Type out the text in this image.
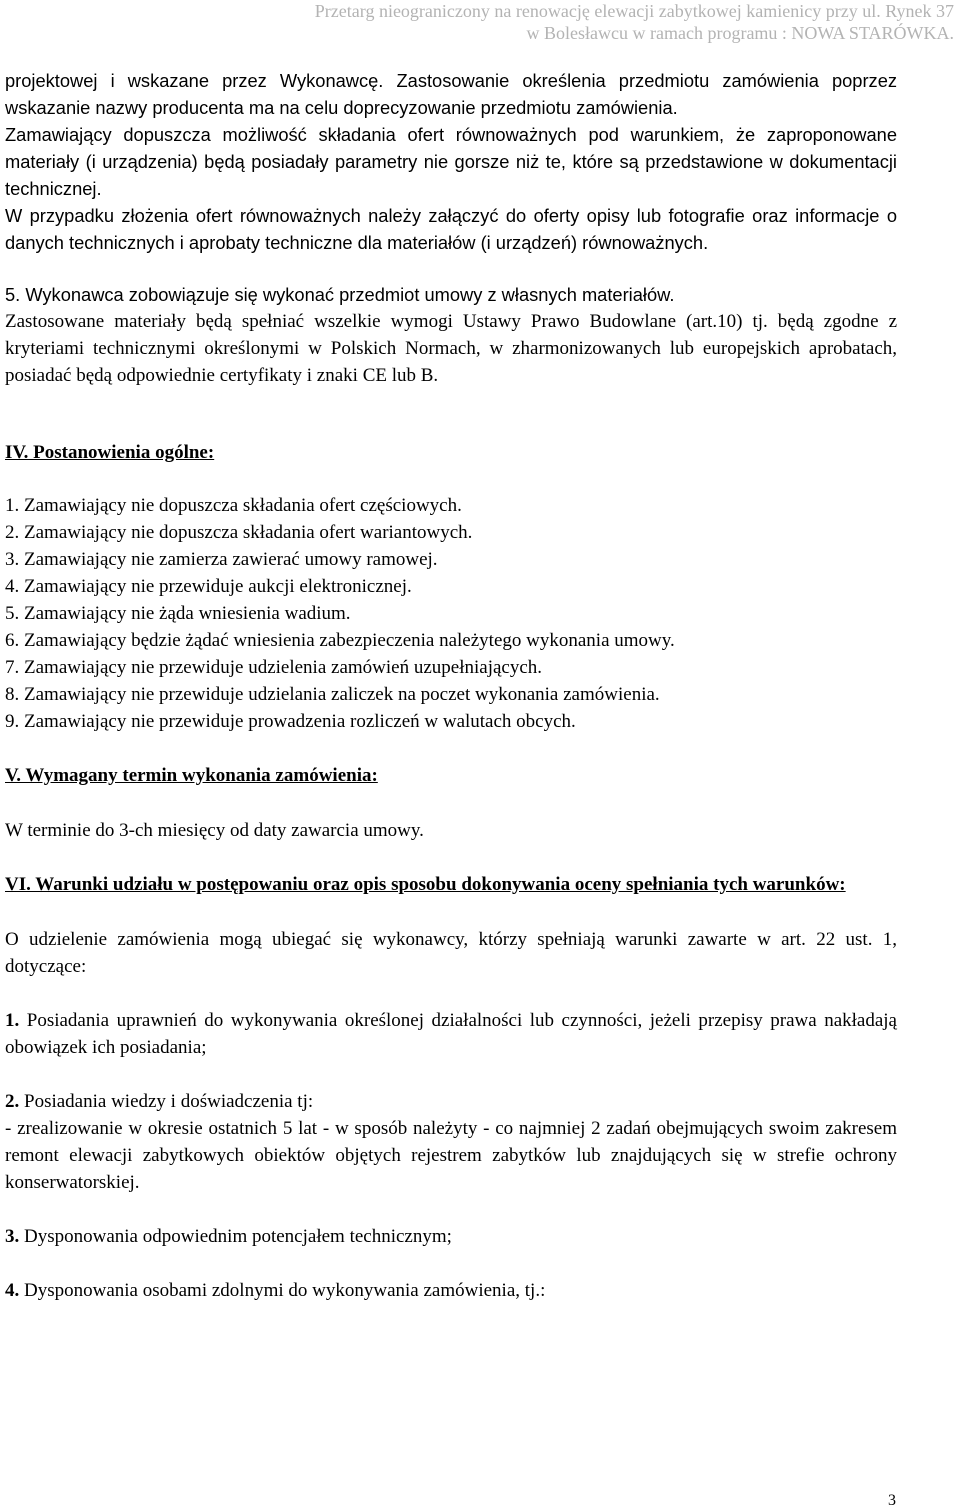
Przetarg nieograniczony na renowację elewacji zabytkowej kamienicy przy ul. Rynek 37
w Bolesławcu w ramach programu : NOWA STARÓWKA.

projektowej i wskazane przez Wykonawcę. Zastosowanie określenia przedmiotu zamówienia poprzez wskazanie nazwy producenta ma na celu doprecyzowanie przedmiotu zamówienia.

Zamawiający dopuszcza możliwość składania ofert równoważnych pod warunkiem, że zaproponowane materiały (i urządzenia) będą posiadały parametry nie gorsze niż te, które są przedstawione w dokumentacji technicznej.

W przypadku złożenia ofert równoważnych należy załączyć do oferty opisy lub fotografie oraz informacje o danych technicznych i aprobaty techniczne dla materiałów (i urządzeń) równoważnych.

5. Wykonawca zobowiązuje się wykonać przedmiot umowy z własnych materiałów.

Zastosowane materiały będą spełniać wszelkie wymogi Ustawy Prawo Budowlane (art.10) tj. będą zgodne z kryteriami technicznymi określonymi w Polskich Normach, w zharmonizowanych lub europejskich aprobatach, posiadać będą odpowiednie certyfikaty i znaki CE lub B.

IV. Postanowienia ogólne:

1. Zamawiający nie dopuszcza składania ofert częściowych.

2. Zamawiający nie dopuszcza składania ofert wariantowych.

3. Zamawiający nie zamierza zawierać umowy ramowej.

4. Zamawiający nie przewiduje aukcji elektronicznej.

5. Zamawiający nie żąda wniesienia wadium.

6. Zamawiający będzie żądać wniesienia zabezpieczenia należytego wykonania umowy.

7. Zamawiający nie przewiduje udzielenia zamówień uzupełniających.

8. Zamawiający nie przewiduje udzielania zaliczek na poczet wykonania zamówienia.

9. Zamawiający nie przewiduje prowadzenia rozliczeń w walutach obcych.

V. Wymagany termin wykonania zamówienia:

W terminie do 3-ch miesięcy od daty zawarcia umowy.

VI. Warunki udziału w postępowaniu oraz opis sposobu dokonywania oceny spełniania tych warunków:

O udzielenie zamówienia mogą ubiegać się wykonawcy, którzy spełniają warunki zawarte w art. 22 ust. 1, dotyczące:

1. Posiadania uprawnień do wykonywania określonej działalności lub czynności, jeżeli przepisy prawa nakładają obowiązek ich posiadania;

2. Posiadania wiedzy i doświadczenia tj:

- zrealizowanie w okresie ostatnich 5 lat - w sposób należyty - co najmniej 2 zadań obejmujących swoim zakresem remont elewacji zabytkowych obiektów objętych rejestrem zabytków lub znajdujących się w strefie ochrony konserwatorskiej.

3. Dysponowania odpowiednim potencjałem technicznym;

4. Dysponowania osobami zdolnymi do wykonywania zamówienia, tj.:

3
